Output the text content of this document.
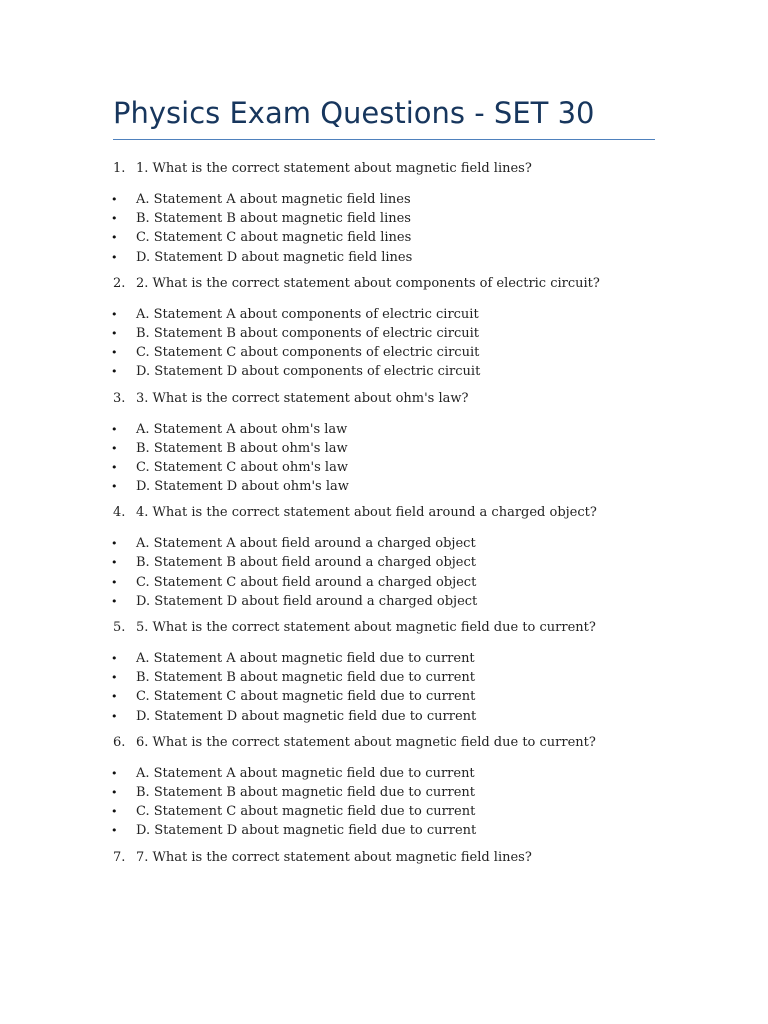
Physics Exam Questions - SET 30
1. 1. What is the correct statement about magnetic field lines?
• A. Statement A about magnetic field lines
• B. Statement B about magnetic field lines
• C. Statement C about magnetic field lines
• D. Statement D about magnetic field lines
2. 2. What is the correct statement about components of electric circuit?
• A. Statement A about components of electric circuit
• B. Statement B about components of electric circuit
• C. Statement C about components of electric circuit
• D. Statement D about components of electric circuit
3. 3. What is the correct statement about ohm's law?
• A. Statement A about ohm's law
• B. Statement B about ohm's law
• C. Statement C about ohm's law
• D. Statement D about ohm's law
4. 4. What is the correct statement about field around a charged object?
• A. Statement A about field around a charged object
• B. Statement B about field around a charged object
• C. Statement C about field around a charged object
• D. Statement D about field around a charged object
5. 5. What is the correct statement about magnetic field due to current?
• A. Statement A about magnetic field due to current
• B. Statement B about magnetic field due to current
• C. Statement C about magnetic field due to current
• D. Statement D about magnetic field due to current
6. 6. What is the correct statement about magnetic field due to current?
• A. Statement A about magnetic field due to current
• B. Statement B about magnetic field due to current
• C. Statement C about magnetic field due to current
• D. Statement D about magnetic field due to current
7. 7. What is the correct statement about magnetic field lines?
